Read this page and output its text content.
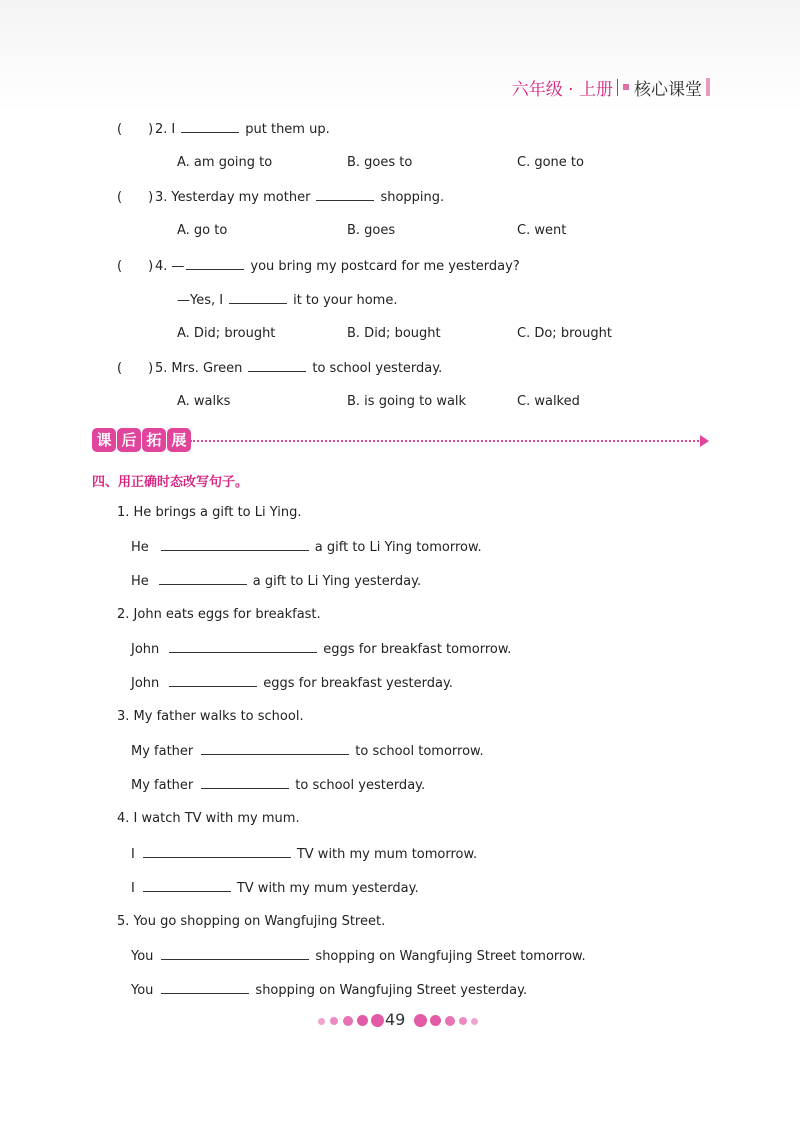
六年级 · 上册 核心课堂
( ) 2. I	put them up.
A. am going to	B. goes to	C. gone to
( ) 3. Yesterday my mother	shopping.
A. go to	B. goes	C. went
( ) 4. —	you bring my postcard for me yesterday?
—Yes, I	it to your home.
A. Did; brought	B. Did; bought	C. Do; brought
( ) 5. Mrs. Green	to school yesterday.
A. walks	B. is going to walk	C. walked
课 后 拓 展
四、用正确时态改写句子。
1. He brings a gift to Li Ying.
He	a gift to Li Ying tomorrow.
He	a gift to Li Ying yesterday.
2. John eats eggs for breakfast.
John	eggs for breakfast tomorrow.
John	eggs for breakfast yesterday.
3. My father walks to school.
My father	to school tomorrow.
My father	to school yesterday.
4. I watch TV with my mum.
I	TV with my mum tomorrow.
I	TV with my mum yesterday.
5. You go shopping on Wangfujing Street.
You	shopping on Wangfujing Street tomorrow.
You	shopping on Wangfujing Street yesterday.
49
